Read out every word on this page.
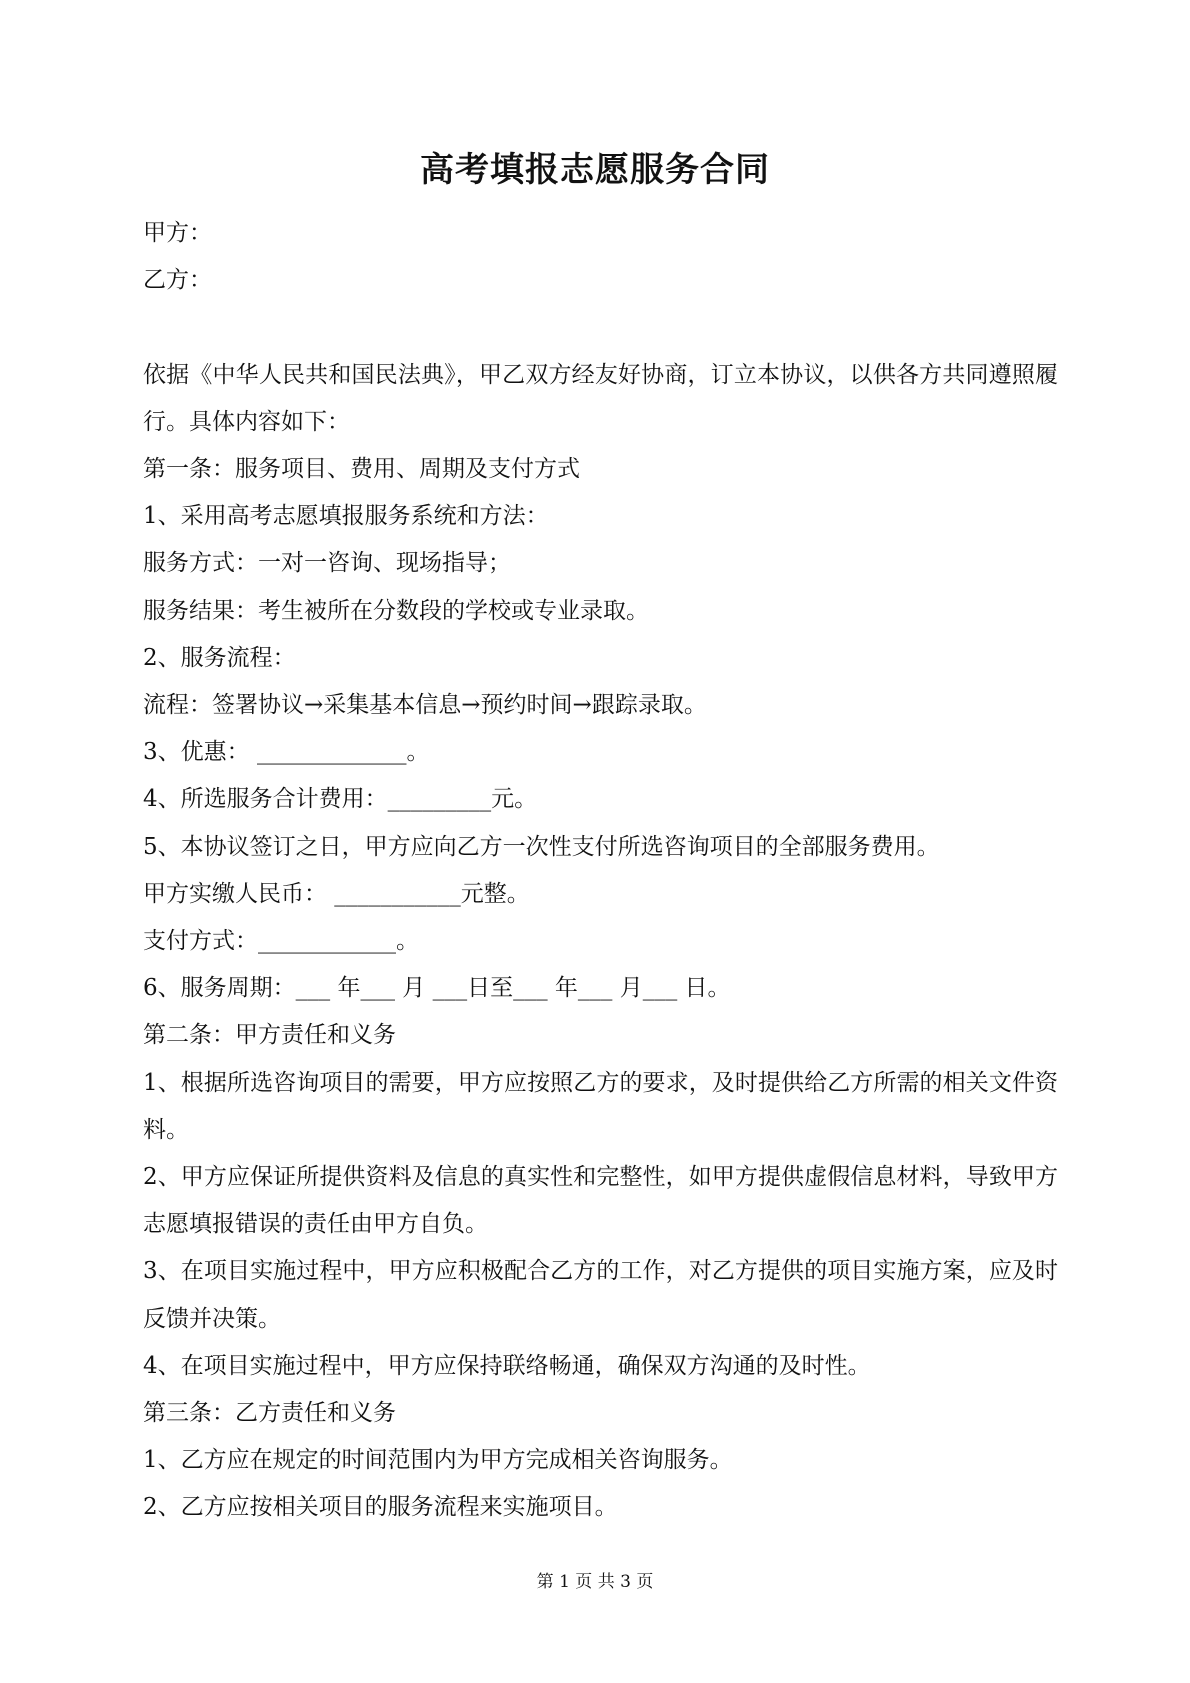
高考填报志愿服务合同
甲方：
乙方：
依据《中华人民共和国民法典》，甲乙双方经友好协商，订立本协议，以供各方共同遵照履行。具体内容如下：
第一条：服务项目、费用、周期及支付方式
1、采用高考志愿填报服务系统和方法：
服务方式：一对一咨询、现场指导；
服务结果：考生被所在分数段的学校或专业录取。
2、服务流程：
流程：签署协议→采集基本信息→预约时间→跟踪录取。
3、优惠： _____________。
4、所选服务合计费用：_________元。
5、本协议签订之日，甲方应向乙方一次性支付所选咨询项目的全部服务费用。
甲方实缴人民币： ___________元整。
支付方式：____________。
6、服务周期：___ 年___ 月 ___日至___ 年___ 月___ 日。
第二条：甲方责任和义务
1、根据所选咨询项目的需要，甲方应按照乙方的要求，及时提供给乙方所需的相关文件资料。
2、甲方应保证所提供资料及信息的真实性和完整性，如甲方提供虚假信息材料，导致甲方志愿填报错误的责任由甲方自负。
3、在项目实施过程中，甲方应积极配合乙方的工作，对乙方提供的项目实施方案，应及时反馈并决策。
4、在项目实施过程中，甲方应保持联络畅通，确保双方沟通的及时性。
第三条：乙方责任和义务
1、乙方应在规定的时间范围内为甲方完成相关咨询服务。
2、乙方应按相关项目的服务流程来实施项目。
第 1 页 共 3 页
